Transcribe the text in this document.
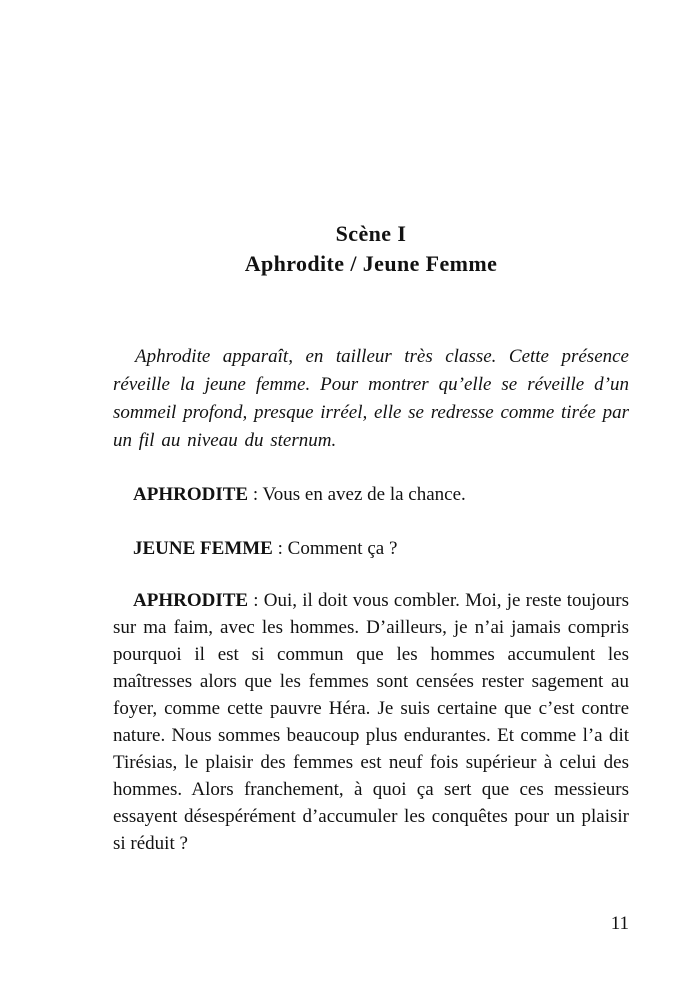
Scène I
Aphrodite / Jeune Femme

Aphrodite apparaît, en tailleur très classe. Cette présence réveille la jeune femme. Pour montrer qu’elle se réveille d’un sommeil profond, presque irréel, elle se redresse comme tirée par un fil au niveau du sternum.

APHRODITE : Vous en avez de la chance.

JEUNE FEMME : Comment ça ?

APHRODITE : Oui, il doit vous combler. Moi, je reste toujours sur ma faim, avec les hommes. D’ailleurs, je n’ai jamais compris pourquoi il est si commun que les hommes accumulent les maîtresses alors que les femmes sont censées rester sagement au foyer, comme cette pauvre Héra. Je suis certaine que c’est contre nature. Nous sommes beaucoup plus endurantes. Et comme l’a dit Tirésias, le plaisir des femmes est neuf fois supérieur à celui des hommes. Alors franchement, à quoi ça sert que ces messieurs essayent désespérément d’accumuler les conquêtes pour un plaisir si réduit ?

11
